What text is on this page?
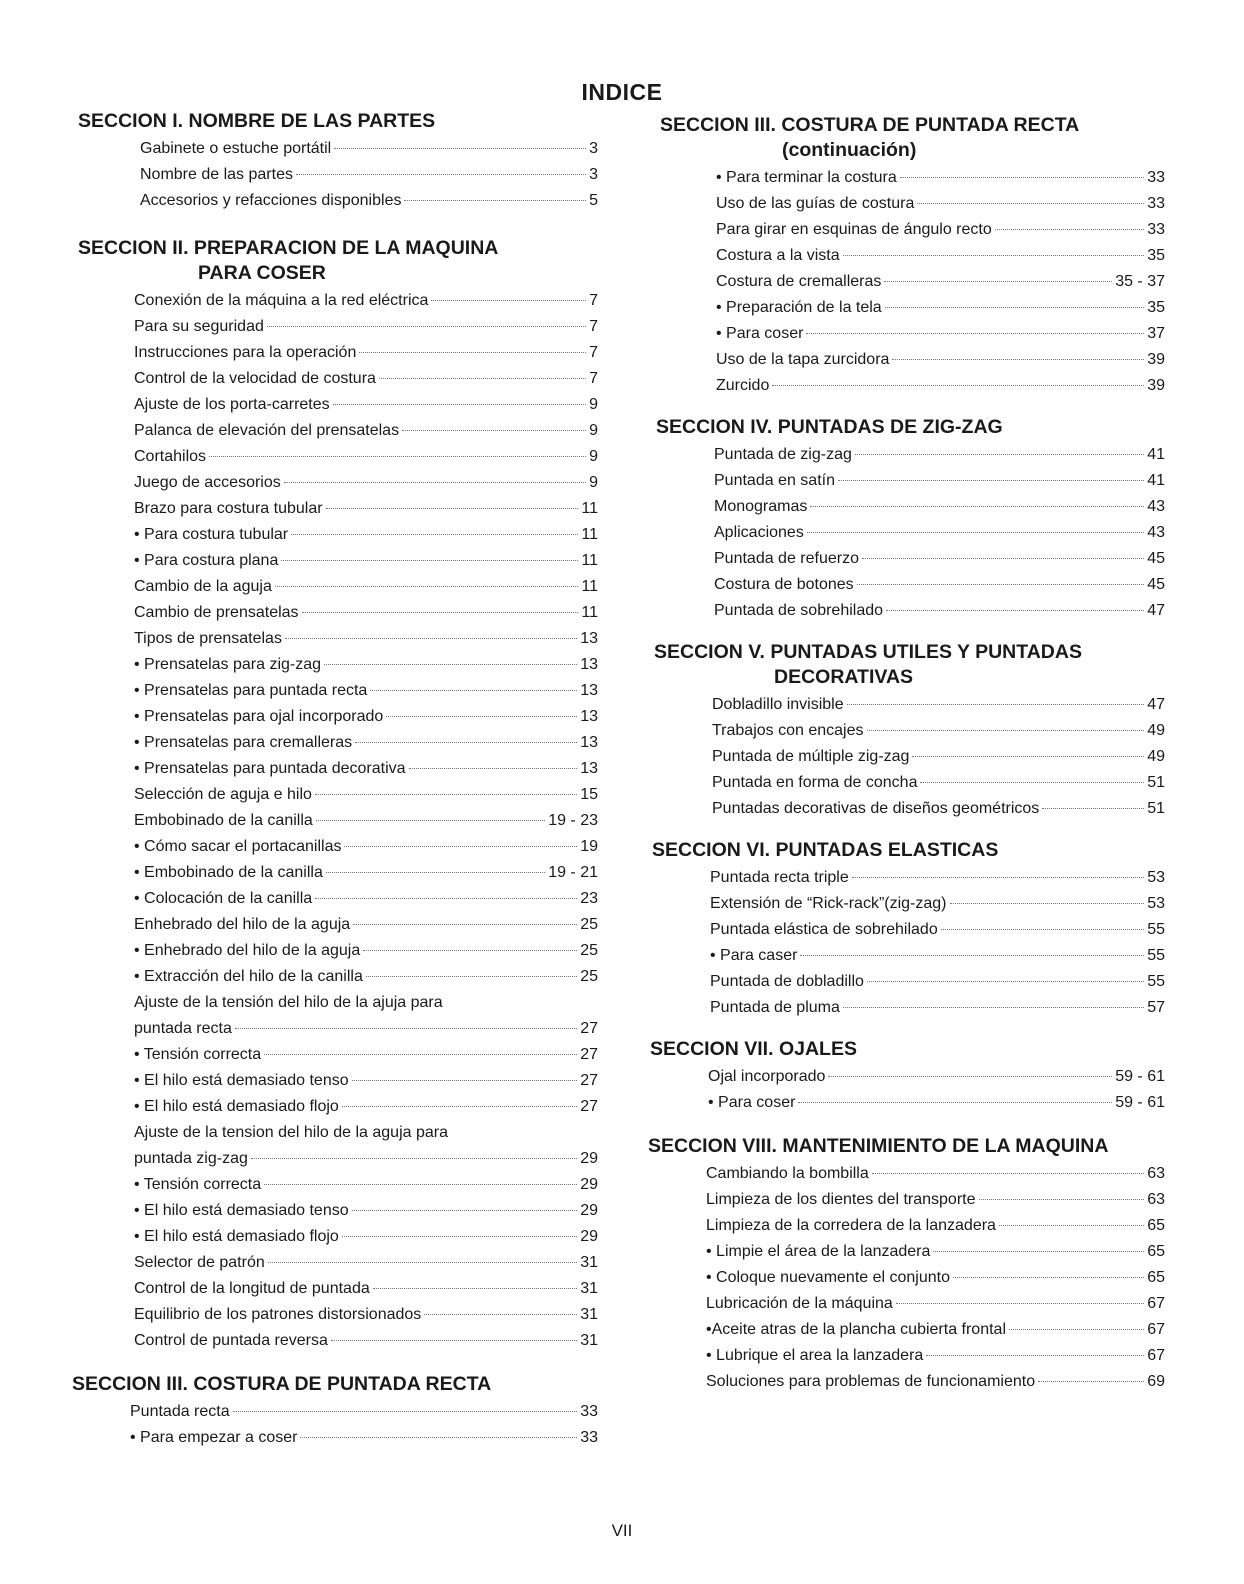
INDICE
SECCION I. NOMBRE DE LAS PARTES
Gabinete o estuche portátil	3
Nombre de las partes	3
Accesorios y refacciones disponibles	5
SECCION II. PREPARACION DE LA MAQUINA
PARA COSER
Conexión de la máquina a la red eléctrica	7
Para su seguridad	7
Instrucciones para la operación	7
Control de la velocidad de costura	7
Ajuste de los porta-carretes	9
Palanca de elevación del prensatelas	9
Cortahilos	9
Juego de accesorios	9
Brazo para costura tubular	11
• Para costura tubular	11
• Para costura plana	11
Cambio de la aguja	11
Cambio de prensatelas	11
Tipos de prensatelas	13
• Prensatelas para zig-zag	13
• Prensatelas para puntada recta	13
• Prensatelas para ojal incorporado	13
• Prensatelas para cremalleras	13
• Prensatelas para puntada decorativa	13
Selección de aguja e hilo	15
Embobinado de la canilla	19 - 23
• Cómo sacar el portacanillas	19
• Embobinado de la canilla	19 - 21
• Colocación de la canilla	23
Enhebrado del hilo de la aguja	25
• Enhebrado del hilo de la aguja	25
• Extracción del hilo de la canilla	25
Ajuste de la tensión del hilo de la ajuja para
puntada recta	27
• Tensión correcta	27
• El hilo está demasiado tenso	27
• El hilo está demasiado flojo	27
Ajuste de la tension del hilo de la aguja para
puntada zig-zag	29
• Tensión correcta	29
• El hilo está demasiado tenso	29
• El hilo está demasiado flojo	29
Selector de patrón	31
Control de la longitud de puntada	31
Equilibrio de los patrones distorsionados	31
Control de puntada reversa	31
SECCION III. COSTURA DE PUNTADA RECTA
Puntada recta	33
• Para empezar a coser	33
SECCION III. COSTURA DE PUNTADA RECTA
(continuación)
• Para terminar la costura	33
Uso de las guías de costura	33
Para girar en esquinas de ángulo recto	33
Costura a la vista	35
Costura de cremalleras	35 - 37
• Preparación de la tela	35
• Para coser	37
Uso de la tapa zurcidora	39
Zurcido	39
SECCION IV. PUNTADAS DE ZIG-ZAG
Puntada de zig-zag	41
Puntada en satín	41
Monogramas	43
Aplicaciones	43
Puntada de refuerzo	45
Costura de botones	45
Puntada de sobrehilado	47
SECCION V. PUNTADAS UTILES Y PUNTADAS
DECORATIVAS
Dobladillo invisible	47
Trabajos con encajes	49
Puntada de múltiple zig-zag	49
Puntada en forma de concha	51
Puntadas decorativas de diseños geométricos	51
SECCION VI. PUNTADAS ELASTICAS
Puntada recta triple	53
Extensión de “Rick-rack”(zig-zag)	53
Puntada elástica de sobrehilado	55
• Para caser	55
Puntada de dobladillo	55
Puntada de pluma	57
SECCION VII. OJALES
Ojal incorporado	59 - 61
• Para coser	59 - 61
SECCION VIII. MANTENIMIENTO DE LA MAQUINA
Cambiando la bombilla	63
Limpieza de los dientes del transporte	63
Limpieza de la corredera de la lanzadera	65
• Limpie el área de la lanzadera	65
• Coloque nuevamente el conjunto	65
Lubricación de la máquina	67
•Aceite atras de la plancha cubierta frontal	67
• Lubrique el area la lanzadera	67
Soluciones para problemas de funcionamiento	69
VII
